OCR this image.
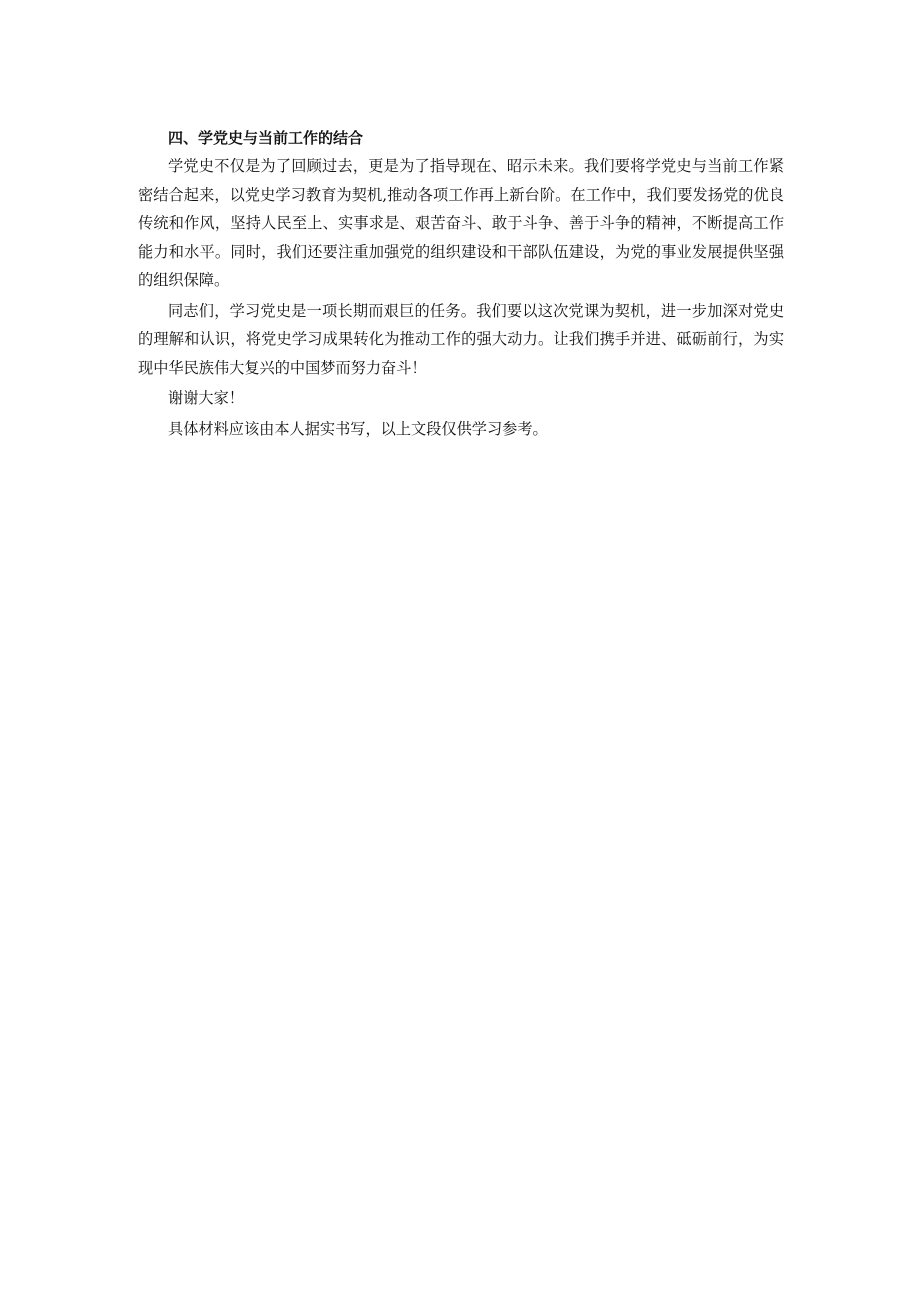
四、学党史与当前工作的结合

学党史不仅是为了回顾过去，更是为了指导现在、昭示未来。我们要将学党史与当前工作紧密结合起来，以党史学习教育为契机,推动各项工作再上新台阶。在工作中，我们要发扬党的优良传统和作风，坚持人民至上、实事求是、艰苦奋斗、敢于斗争、善于斗争的精神，不断提高工作能力和水平。同时，我们还要注重加强党的组织建设和干部队伍建设，为党的事业发展提供坚强的组织保障。

同志们，学习党史是一项长期而艰巨的任务。我们要以这次党课为契机，进一步加深对党史的理解和认识，将党史学习成果转化为推动工作的强大动力。让我们携手并进、砥砺前行，为实现中华民族伟大复兴的中国梦而努力奋斗！

谢谢大家！

具体材料应该由本人据实书写，以上文段仅供学习参考。
